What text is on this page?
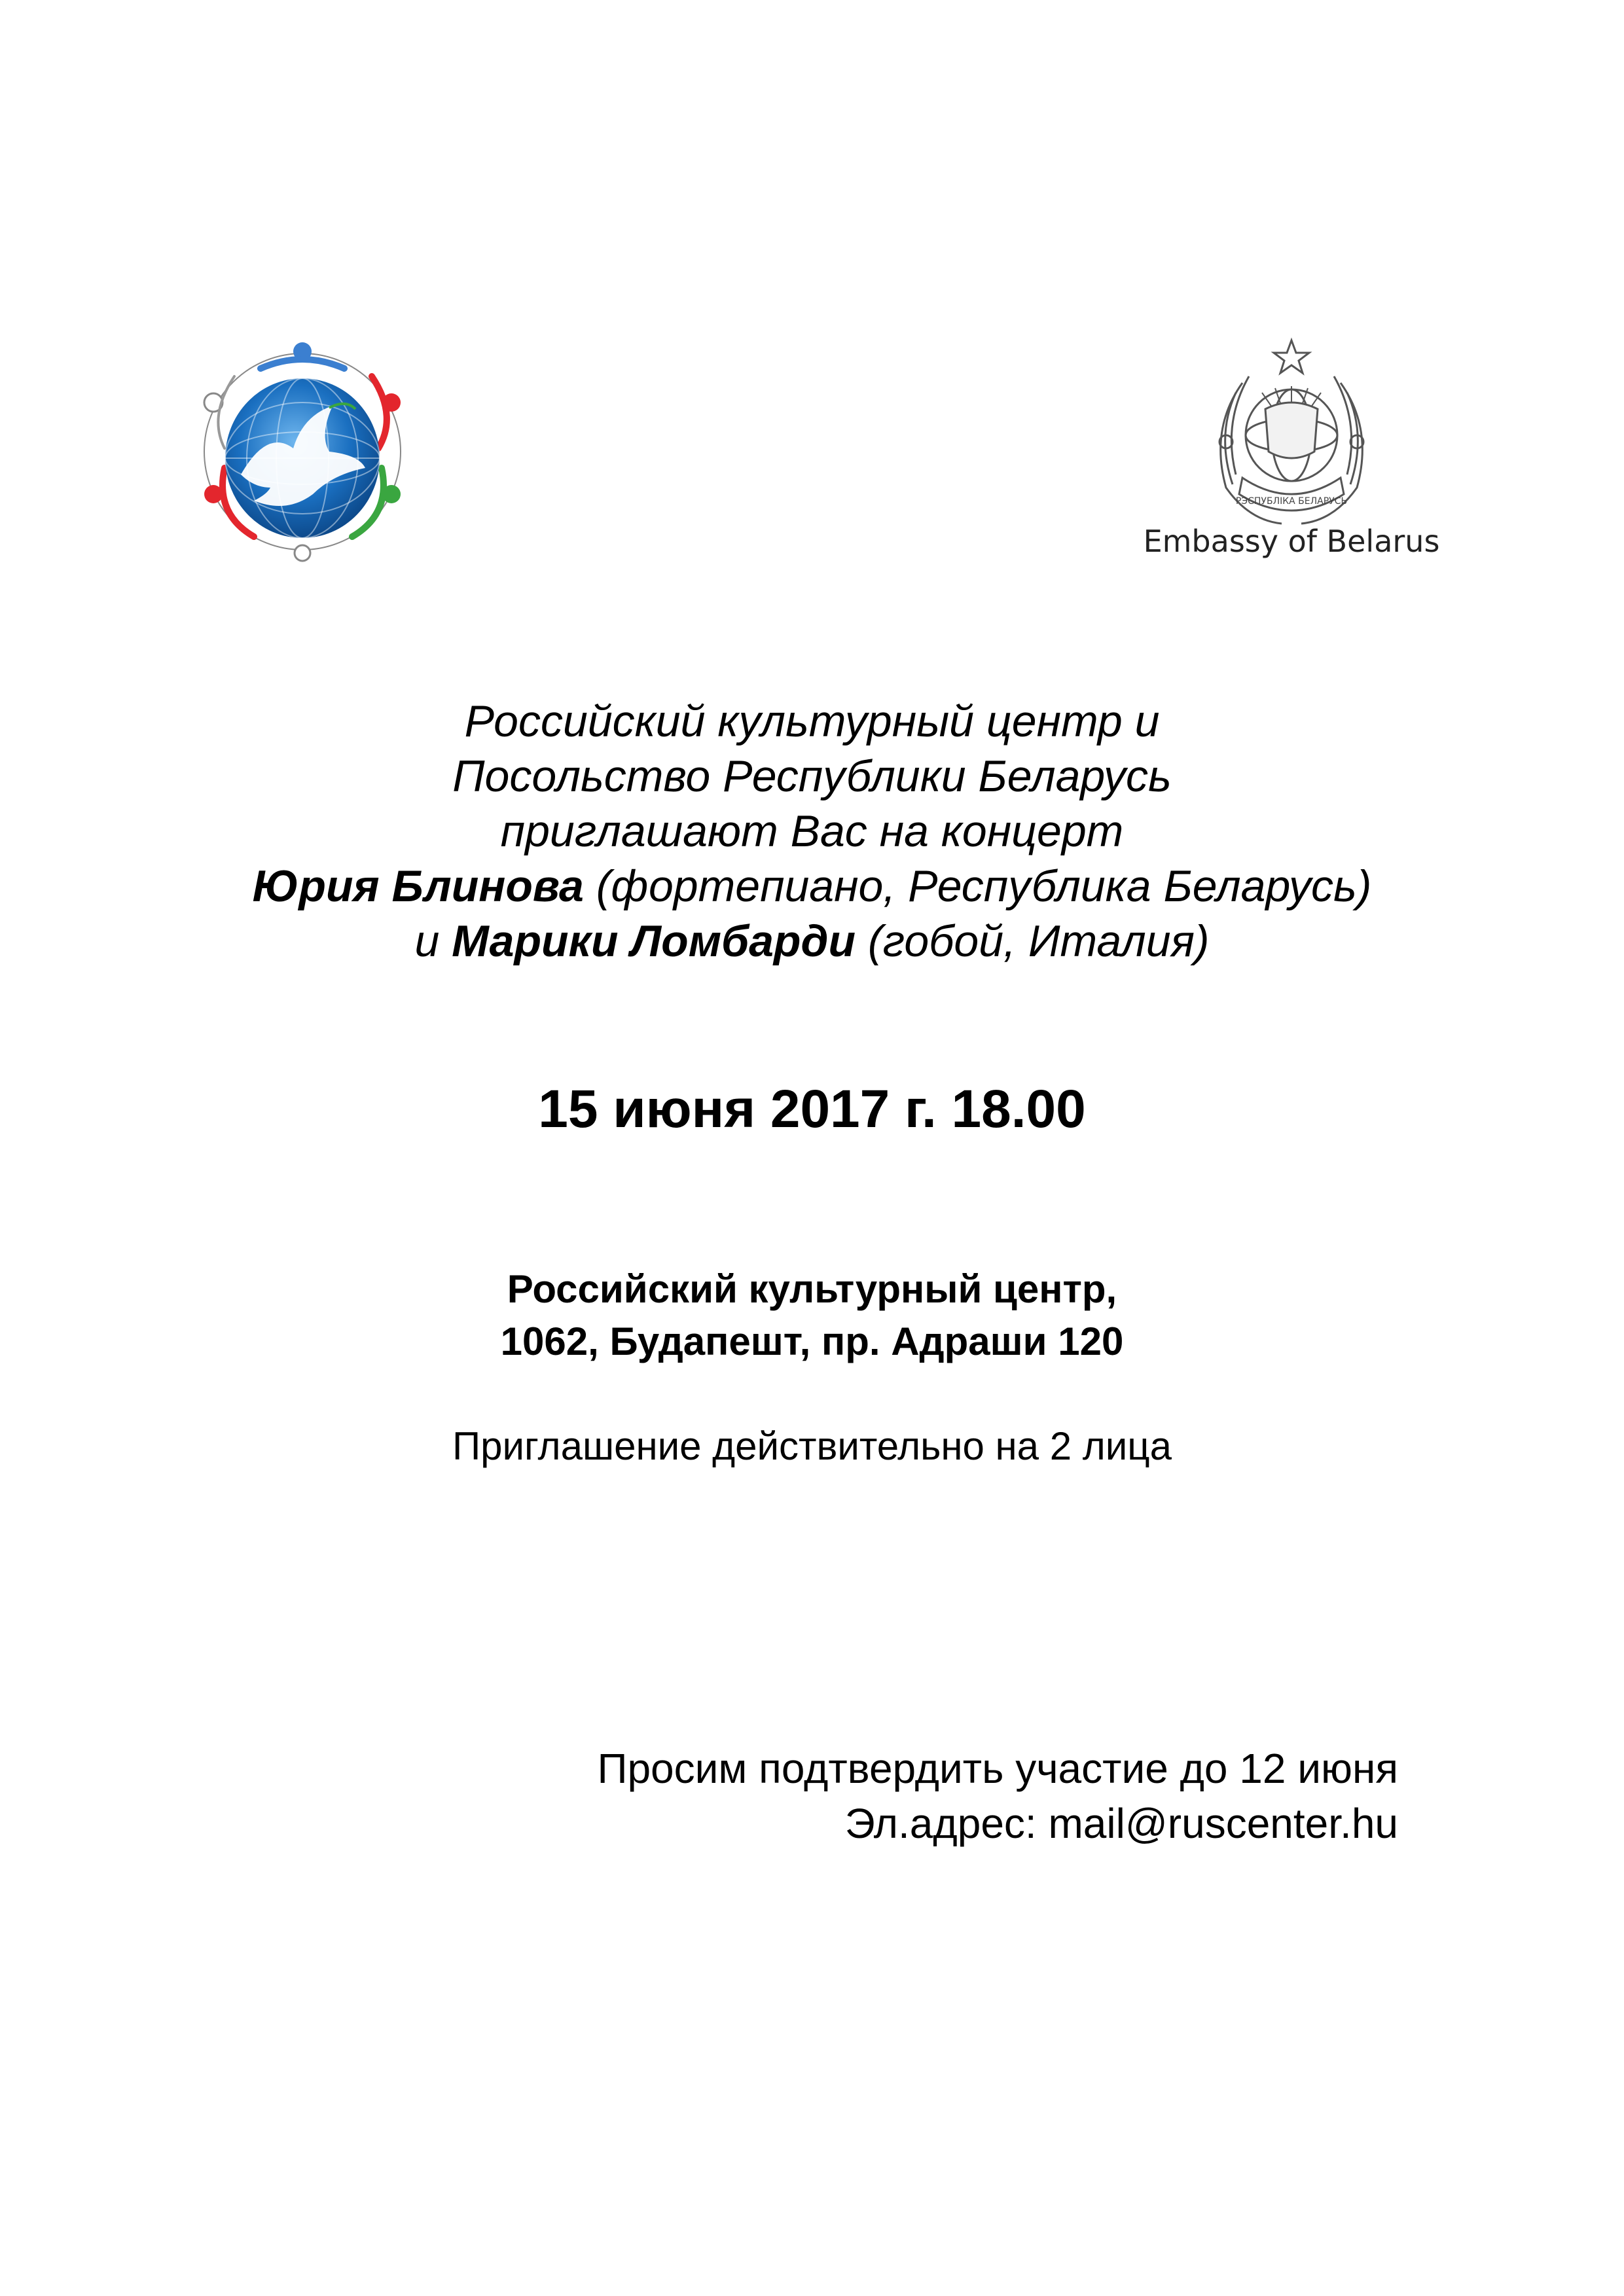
РЭСПУБЛІКА БЕЛАРУСЬ
Embassy of Belarus
Российский культурный центр и
Посольство Республики Беларусь
приглашают Вас на концерт
Юрия Блинова (фортепиано, Республика Беларусь)
и Марики Ломбарди (гобой, Италия)
15 июня 2017 г. 18.00
Российский культурный центр,
1062, Будапешт, пр. Адраши 120
Приглашение действительно на 2 лица
Просим подтвердить участие до 12 июня
Эл.адрес: mail@ruscenter.hu
